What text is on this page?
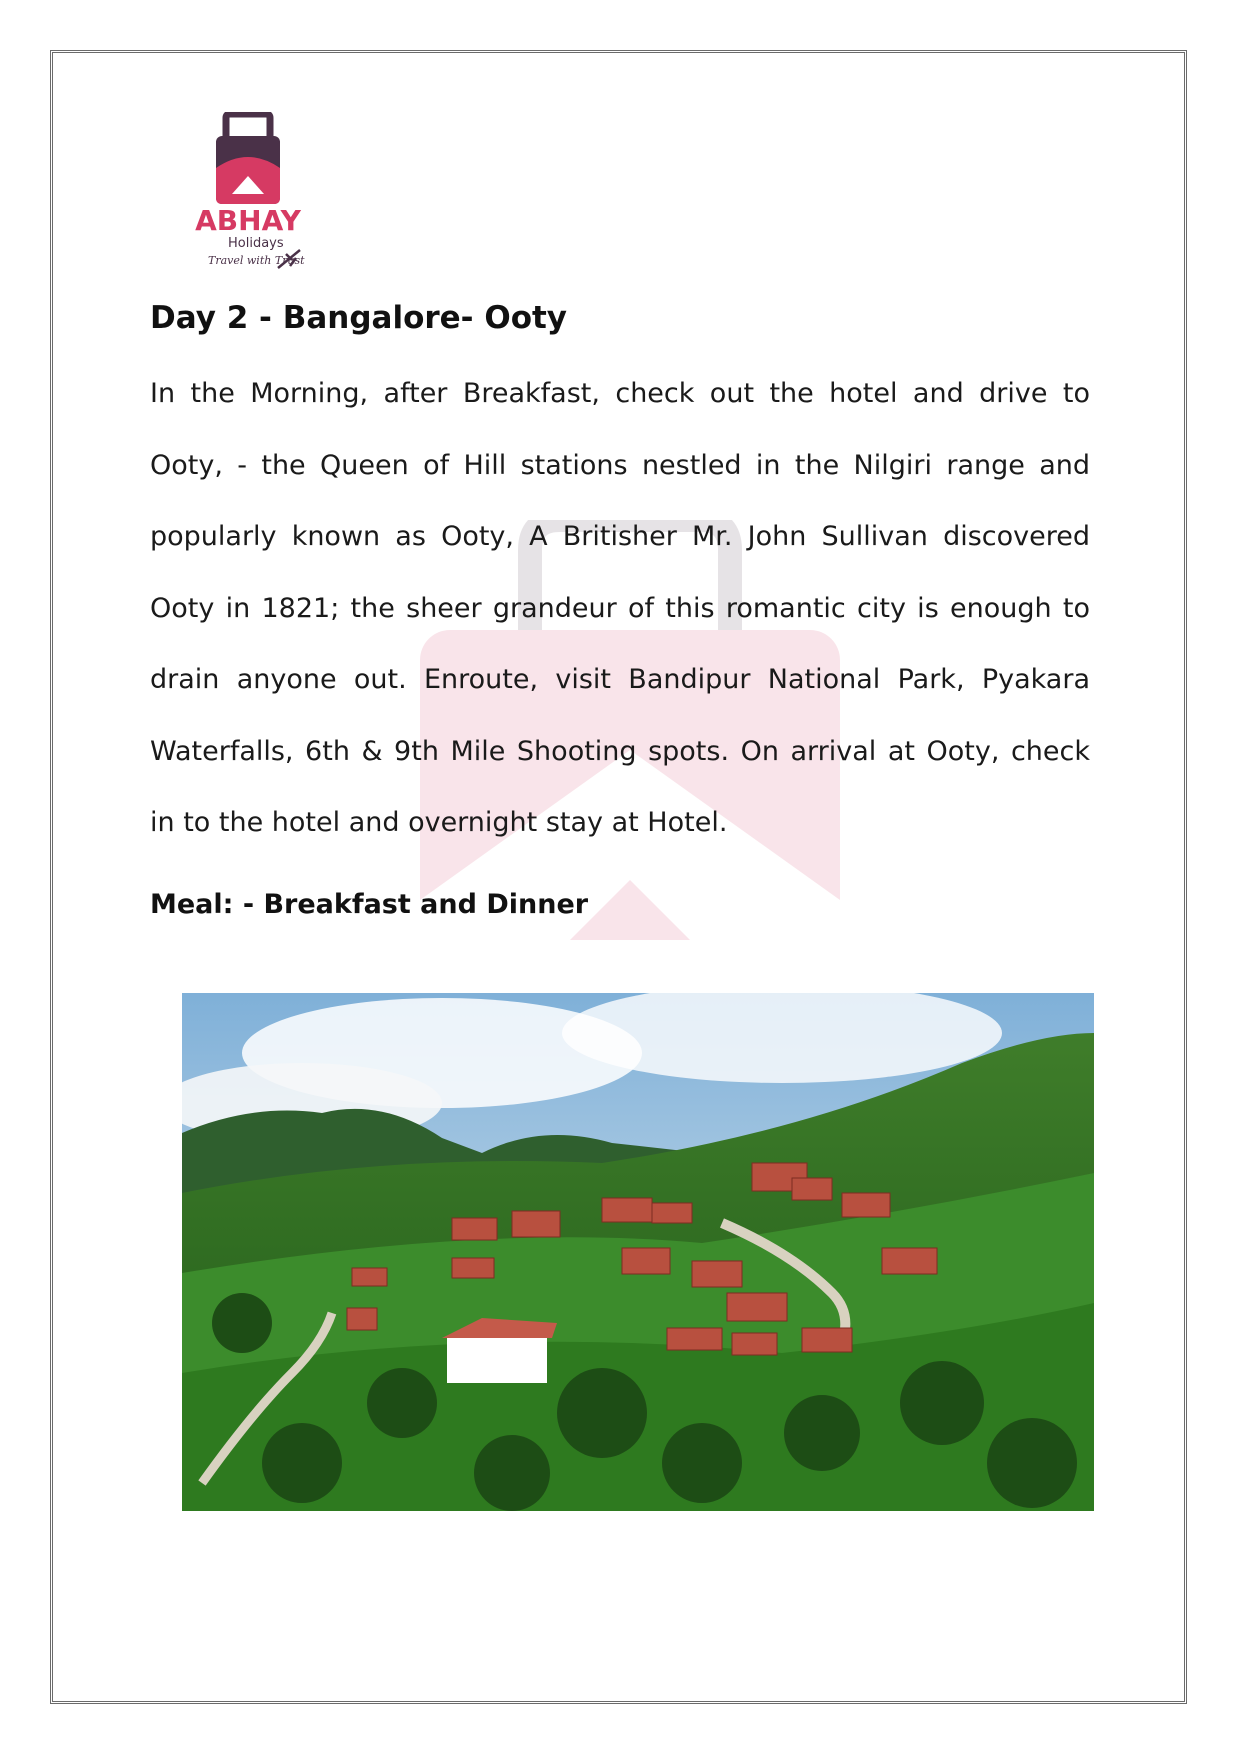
ABHAY
Holidays
Travel with Trust
Day 2 - Bangalore- Ooty

In the Morning, after Breakfast, check out the hotel and drive to Ooty, - the Queen of Hill stations nestled in the Nilgiri range and popularly known as Ooty, A Britisher Mr. John Sullivan discovered Ooty in 1821; the sheer grandeur of this romantic city is enough to drain anyone out. Enroute, visit Bandipur National Park, Pyakara Waterfalls, 6th & 9th Mile Shooting spots. On arrival at Ooty, check in to the hotel and overnight stay at Hotel.

Meal: - Breakfast and Dinner
